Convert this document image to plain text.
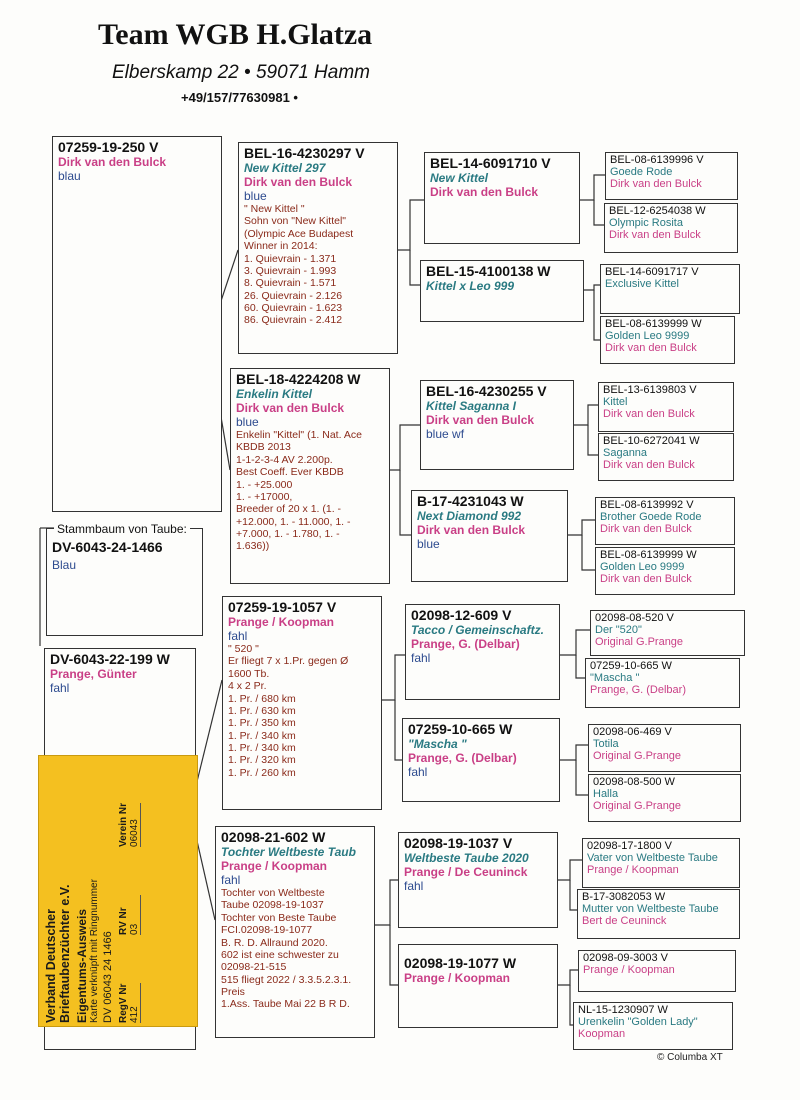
Team WGB H.Glatza
Elberskamp 22 • 59071 Hamm
+49/157/77630981 •
07259-19-250 V
Dirk van den Bulck
blau
DV-6043-24-1466
Blau
Stammbaum von Taube:
DV-6043-22-199 W
Prange, Günter
fahl
Verband Deutscher Brieftaubenzüchter e.V. Eigentums-Ausweis Karte verknüpft mit Ringnummer DV 06043 24 1466 RegV Nr 412
RV Nr 03
Verein Nr 06043
BEL-16-4230297 V
New Kittel 297
Dirk van den Bulck
blue
" New Kittel "
Sohn von "New Kittel"
(Olympic Ace Budapest
Winner in 2014:
1. Quievrain - 1.371
3. Quievrain - 1.993
8. Quievrain - 1.571
26. Quievrain - 2.126
60. Quievrain - 1.623
86. Quievrain - 2.412
BEL-18-4224208 W
Enkelin Kittel
Dirk van den Bulck
blue
Enkelin "Kittel" (1. Nat. Ace
KBDB 2013
1-1-2-3-4 AV 2.200p.
Best Coeff. Ever KBDB
1. - +25.000
1. - +17000,
Breeder of 20 x 1. (1. -
+12.000, 1. - 11.000, 1. -
+7.000, 1. - 1.780, 1. -
1.636))
07259-19-1057 V
Prange / Koopman
fahl
" 520 "
Er fliegt 7 x 1.Pr. gegen Ø
1600 Tb.
4 x 2 Pr.
1. Pr. / 680 km
1. Pr. / 630 km
1. Pr. / 350 km
1. Pr. / 340 km
1. Pr. / 340 km
1. Pr. / 320 km
1. Pr. / 260 km
02098-21-602 W
Tochter Weltbeste Taub
Prange / Koopman
fahl
Tochter von Weltbeste
Taube 02098-19-1037
Tochter von Beste Taube
FCI.02098-19-1077
B. R. D. Allraund 2020.
602 ist eine schwester zu
02098-21-515
515 fliegt 2022 / 3.3.5.2.3.1.
Preis
1.Ass. Taube Mai 22 B R D.
BEL-14-6091710 V
New Kittel
Dirk van den Bulck
BEL-15-4100138 W
Kittel x Leo 999
BEL-16-4230255 V
Kittel Saganna I
Dirk van den Bulck
blue wf
B-17-4231043 W
Next Diamond 992
Dirk van den Bulck
blue
02098-12-609 V
Tacco / Gemeinschaftz.
Prange, G. (Delbar)
fahl
07259-10-665 W
"Mascha "
Prange, G. (Delbar)
fahl
02098-19-1037 V
Weltbeste Taube 2020
Prange / De Ceuninck
fahl
02098-19-1077 W
Prange / Koopman
BEL-08-6139996 V
Goede Rode
Dirk van den Bulck
BEL-12-6254038 W
Olympic Rosita
Dirk van den Bulck
BEL-14-6091717 V
Exclusive Kittel
BEL-08-6139999 W
Golden Leo 9999
Dirk van den Bulck
BEL-13-6139803 V
Kittel
Dirk van den Bulck
BEL-10-6272041 W
Saganna
Dirk van den Bulck
BEL-08-6139992 V
Brother Goede Rode
Dirk van den Bulck
BEL-08-6139999 W
Golden Leo 9999
Dirk van den Bulck
02098-08-520 V
Der "520"
Original G.Prange
07259-10-665 W
"Mascha "
Prange, G. (Delbar)
02098-06-469 V
Totila
Original G.Prange
02098-08-500 W
Halla
Original G.Prange
02098-17-1800 V
Vater von Weltbeste Taube
Prange / Koopman
B-17-3082053 W
Mutter von Weltbeste Taube
Bert de Ceuninck
02098-09-3003 V
Prange / Koopman
NL-15-1230907 W
Urenkelin "Golden Lady"
Koopman
© Columba XT
